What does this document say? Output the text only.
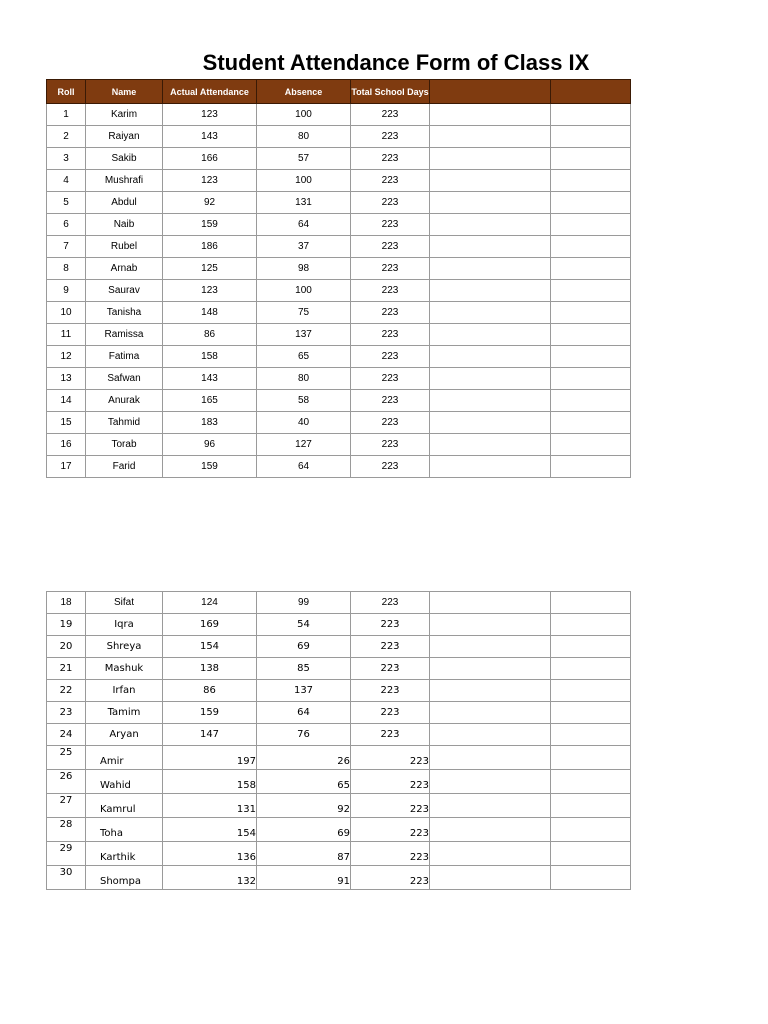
Student Attendance Form of Class IX
Roll	Name	Actual Attendance	Absence	Total School Days		
1	Karim	123	100	223		
2	Raiyan	143	80	223		
3	Sakib	166	57	223		
4	Mushrafi	123	100	223		
5	Abdul	92	131	223		
6	Naib	159	64	223		
7	Rubel	186	37	223		
8	Arnab	125	98	223		
9	Saurav	123	100	223		
10	Tanisha	148	75	223		
11	Ramissa	86	137	223		
12	Fatima	158	65	223		
13	Safwan	143	80	223		
14	Anurak	165	58	223		
15	Tahmid	183	40	223		
16	Torab	96	127	223		
17	Farid	159	64	223		
18	Sifat	124	99	223		
19	Iqra	169	54	223		
20	Shreya	154	69	223		
21	Mashuk	138	85	223		
22	Irfan	86	137	223		
23	Tamim	159	64	223		
24	Aryan	147	76	223		
25	Amir	197	26	223		
26	Wahid	158	65	223		
27	Kamrul	131	92	223		
28	Toha	154	69	223		
29	Karthik	136	87	223		
30	Shompa	132	91	223		
